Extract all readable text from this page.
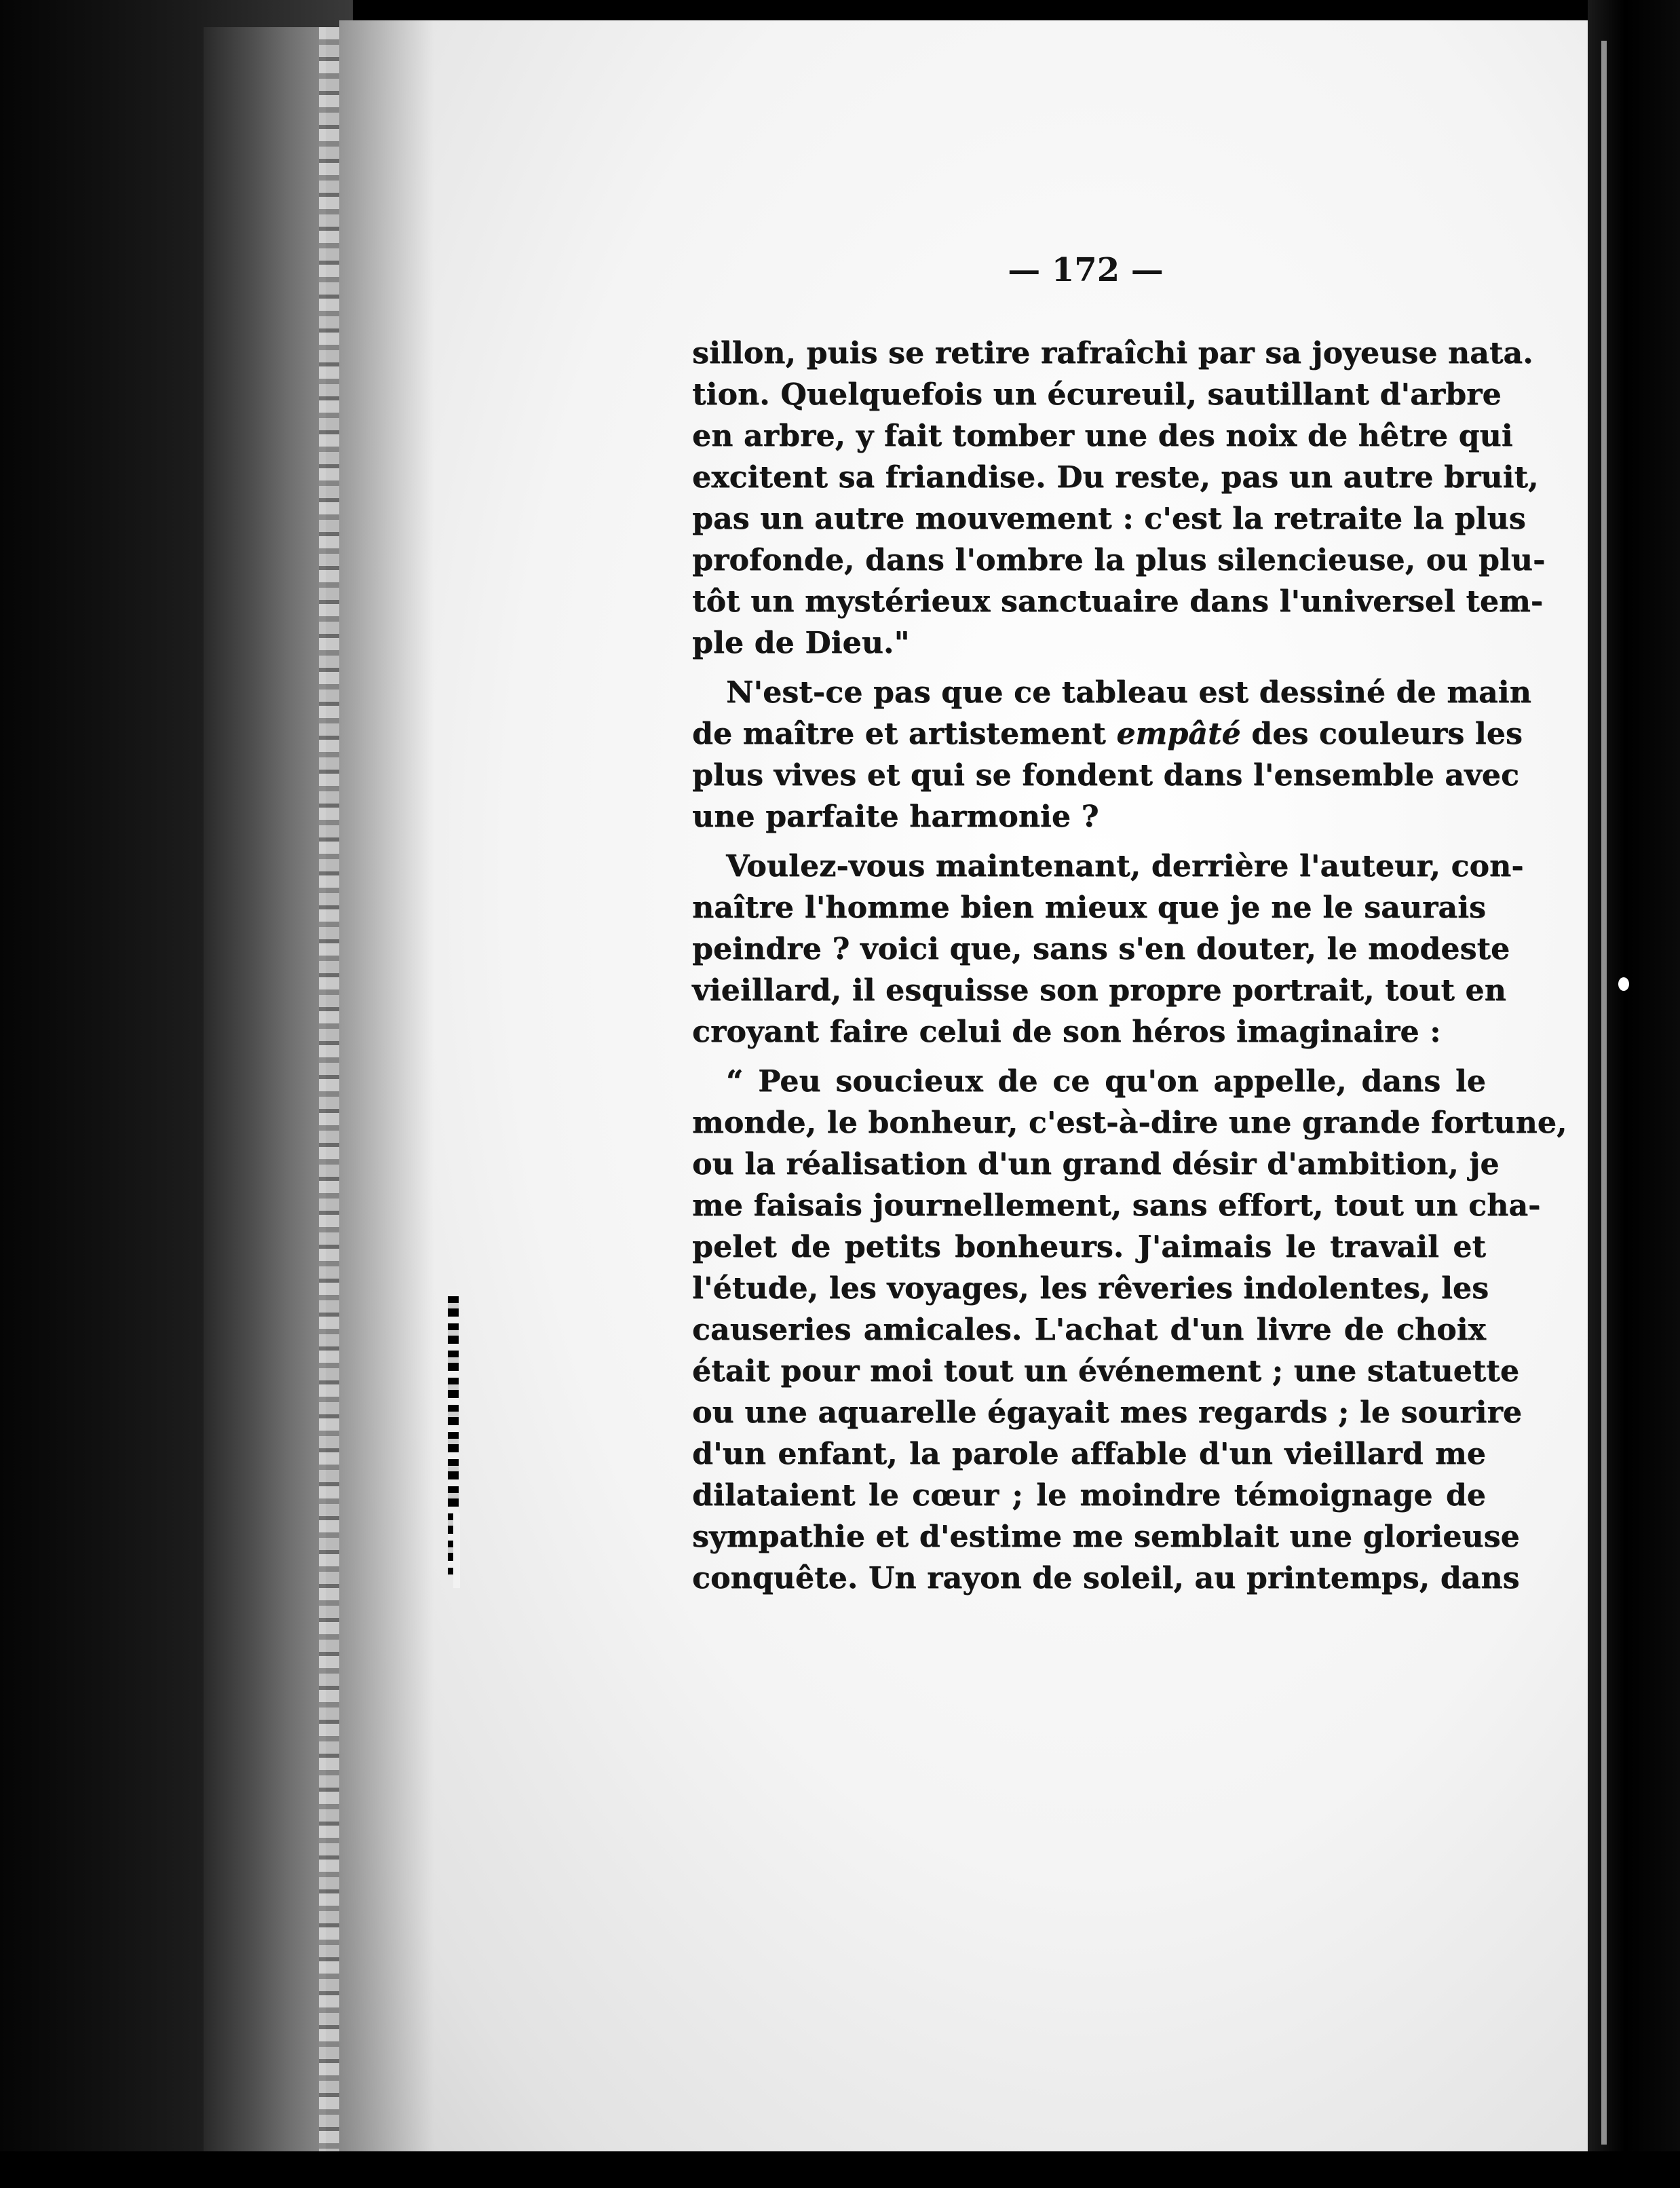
— 172 —

sillon, puis se retire rafraîchi par sa joyeuse nata.
tion. Quelquefois un écureuil, sautillant d'arbre
en arbre, y fait tomber une des noix de hêtre qui
excitent sa friandise. Du reste, pas un autre bruit,
pas un autre mouvement : c'est la retraite la plus
profonde, dans l'ombre la plus silencieuse, ou plu-
tôt un mystérieux sanctuaire dans l'universel tem-
ple de Dieu."

N'est-ce pas que ce tableau est dessiné de main
de maître et artistement empâté des couleurs les
plus vives et qui se fondent dans l'ensemble avec
une parfaite harmonie ?

Voulez-vous maintenant, derrière l'auteur, con-
naître l'homme bien mieux que je ne le saurais
peindre ? voici que, sans s'en douter, le modeste
vieillard, il esquisse son propre portrait, tout en
croyant faire celui de son héros imaginaire :

“ Peu soucieux de ce qu'on appelle, dans le
monde, le bonheur, c'est-à-dire une grande fortune,
ou la réalisation d'un grand désir d'ambition, je
me faisais journellement, sans effort, tout un cha-
pelet de petits bonheurs. J'aimais le travail et
l'étude, les voyages, les rêveries indolentes, les
causeries amicales. L'achat d'un livre de choix
était pour moi tout un événement ; une statuette
ou une aquarelle égayait mes regards ; le sourire
d'un enfant, la parole affable d'un vieillard me
dilataient le cœur ; le moindre témoignage de
sympathie et d'estime me semblait une glorieuse
conquête. Un rayon de soleil, au printemps, dans
